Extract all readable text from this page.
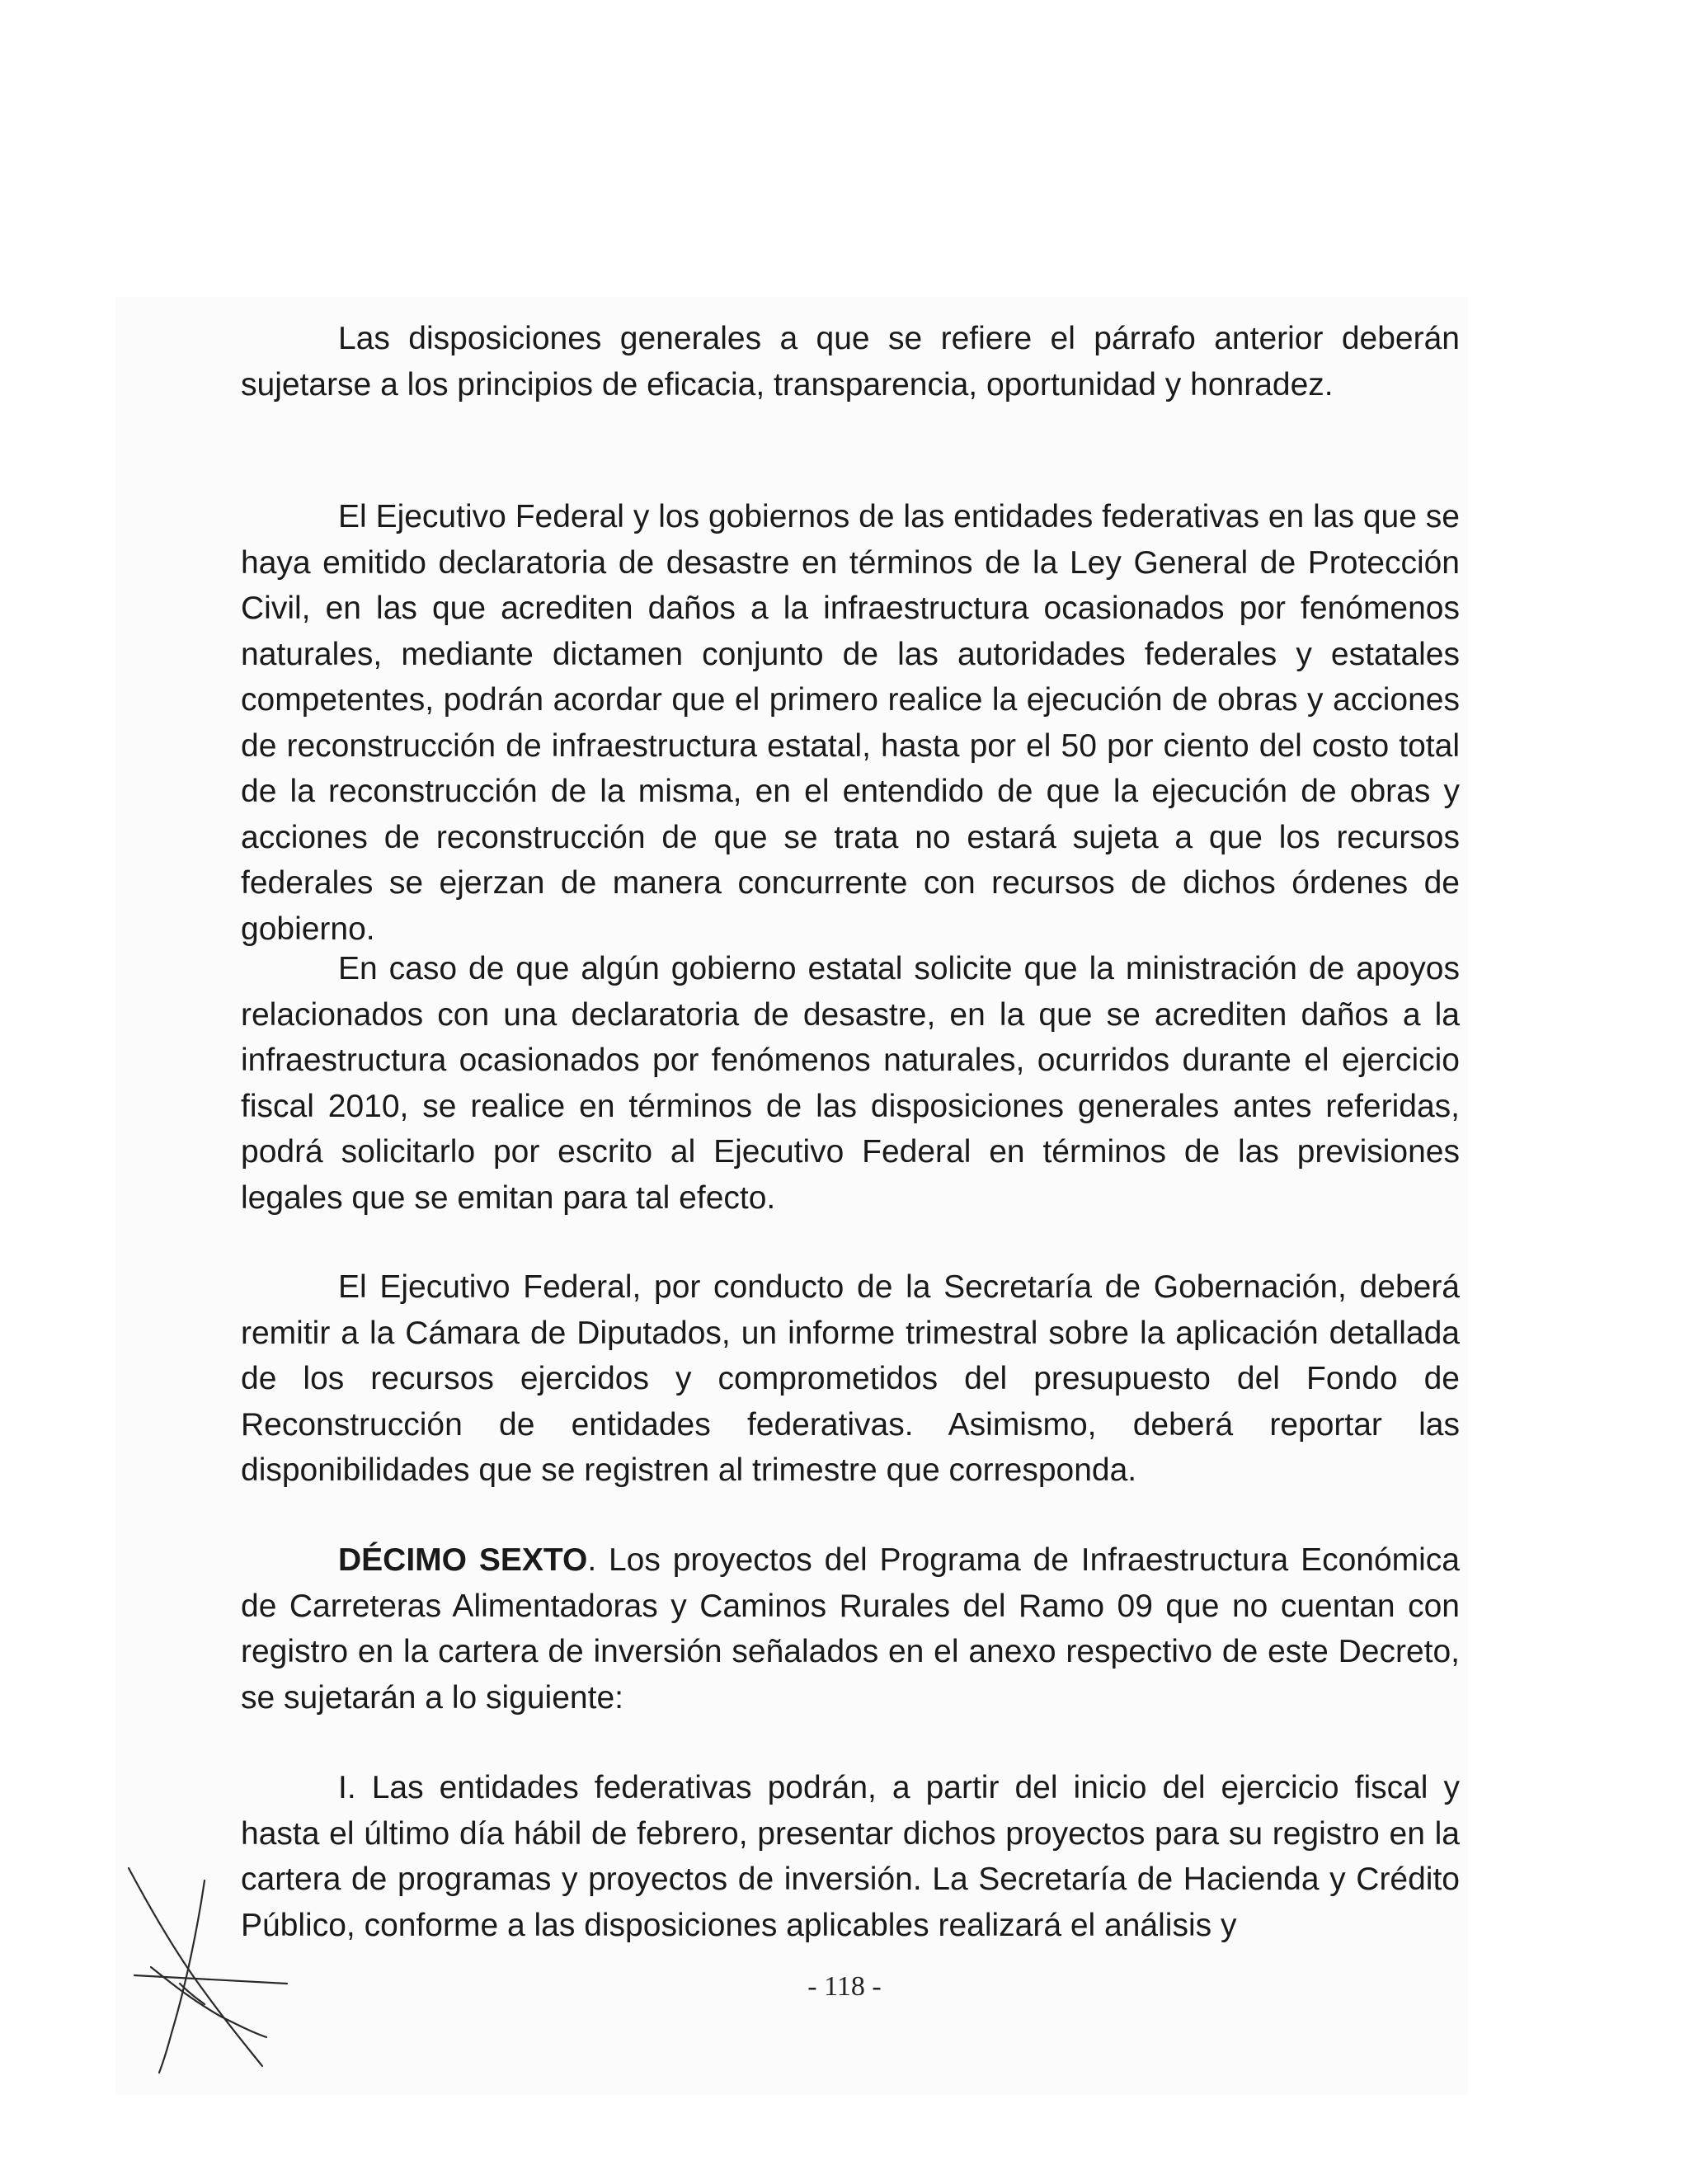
Las disposiciones generales a que se refiere el párrafo anterior deberán sujetarse a los principios de eficacia, transparencia, oportunidad y honradez.

El Ejecutivo Federal y los gobiernos de las entidades federativas en las que se haya emitido declaratoria de desastre en términos de la Ley General de Protección Civil, en las que acrediten daños a la infraestructura ocasionados por fenómenos naturales, mediante dictamen conjunto de las autoridades federales y estatales competentes, podrán acordar que el primero realice la ejecución de obras y acciones de reconstrucción de infraestructura estatal, hasta por el 50 por ciento del costo total de la reconstrucción de la misma, en el entendido de que la ejecución de obras y acciones de reconstrucción de que se trata no estará sujeta a que los recursos federales se ejerzan de manera concurrente con recursos de dichos órdenes de gobierno.

En caso de que algún gobierno estatal solicite que la ministración de apoyos relacionados con una declaratoria de desastre, en la que se acrediten daños a la infraestructura ocasionados por fenómenos naturales, ocurridos durante el ejercicio fiscal 2010, se realice en términos de las disposiciones generales antes referidas, podrá solicitarlo por escrito al Ejecutivo Federal en términos de las previsiones legales que se emitan para tal efecto.

El Ejecutivo Federal, por conducto de la Secretaría de Gobernación, deberá remitir a la Cámara de Diputados, un informe trimestral sobre la aplicación detallada de los recursos ejercidos y comprometidos del presupuesto del Fondo de Reconstrucción de entidades federativas. Asimismo, deberá reportar las disponibilidades que se registren al trimestre que corresponda.

DÉCIMO SEXTO. Los proyectos del Programa de Infraestructura Económica de Carreteras Alimentadoras y Caminos Rurales del Ramo 09 que no cuentan con registro en la cartera de inversión señalados en el anexo respectivo de este Decreto, se sujetarán a lo siguiente:

I. Las entidades federativas podrán, a partir del inicio del ejercicio fiscal y hasta el último día hábil de febrero, presentar dichos proyectos para su registro en la cartera de programas y proyectos de inversión. La Secretaría de Hacienda y Crédito Público, conforme a las disposiciones aplicables realizará el análisis y

- 118 -
